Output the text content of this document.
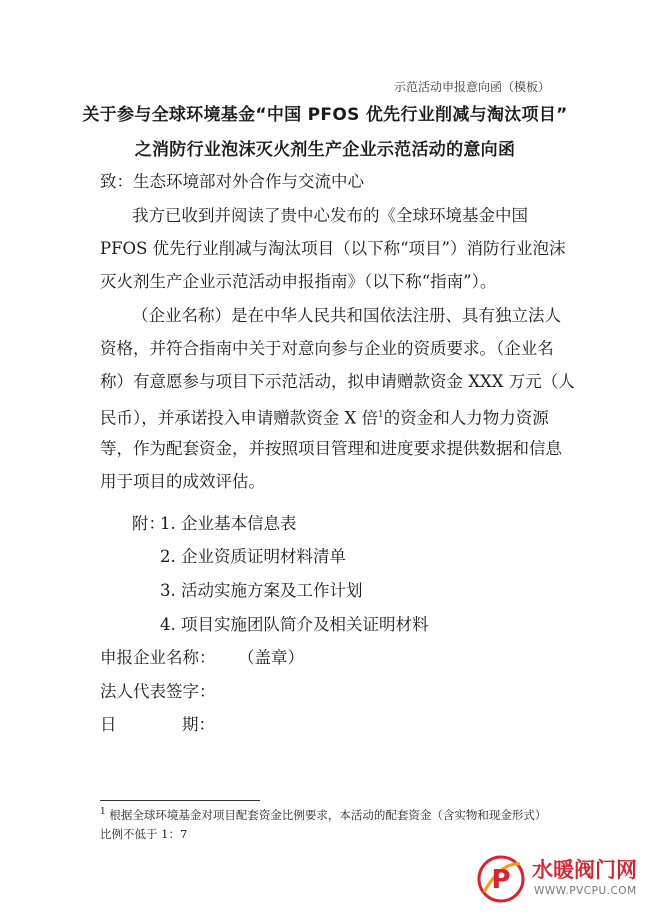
示范活动申报意向函（模板）
关于参与全球环境基金“中国 PFOS 优先行业削减与淘汰项目”
之消防行业泡沫灭火剂生产企业示范活动的意向函
致：生态环境部对外合作与交流中心
我方已收到并阅读了贵中心发布的《全球环境基金中国
PFOS 优先行业削减与淘汰项目（以下称“项目”）消防行业泡沫
灭火剂生产企业示范活动申报指南》（以下称“指南”）。
（企业名称）是在中华人民共和国依法注册、具有独立法人
资格，并符合指南中关于对意向参与企业的资质要求。（企业名
称）有意愿参与项目下示范活动，拟申请赠款资金 XXX 万元（人
民币），并承诺投入申请赠款资金 X 倍$^1$的资金和人力物力资源
等，作为配套资金，并按照项目管理和进度要求提供数据和信息
用于项目的成效评估。
附：
1. 企业基本信息表
2. 企业资质证明材料清单
3. 活动实施方案及工作计划
4. 项目实施团队简介及相关证明材料
申报企业名称：	（盖章）
法人代表签字：
日	期：
$^1$ 根据全球环境基金对项目配套资金比例要求，本活动的配套资金（含实物和现金形式）
比例不低于 1：7
P 水暖阀门网
WWW.PVCPU.COM
